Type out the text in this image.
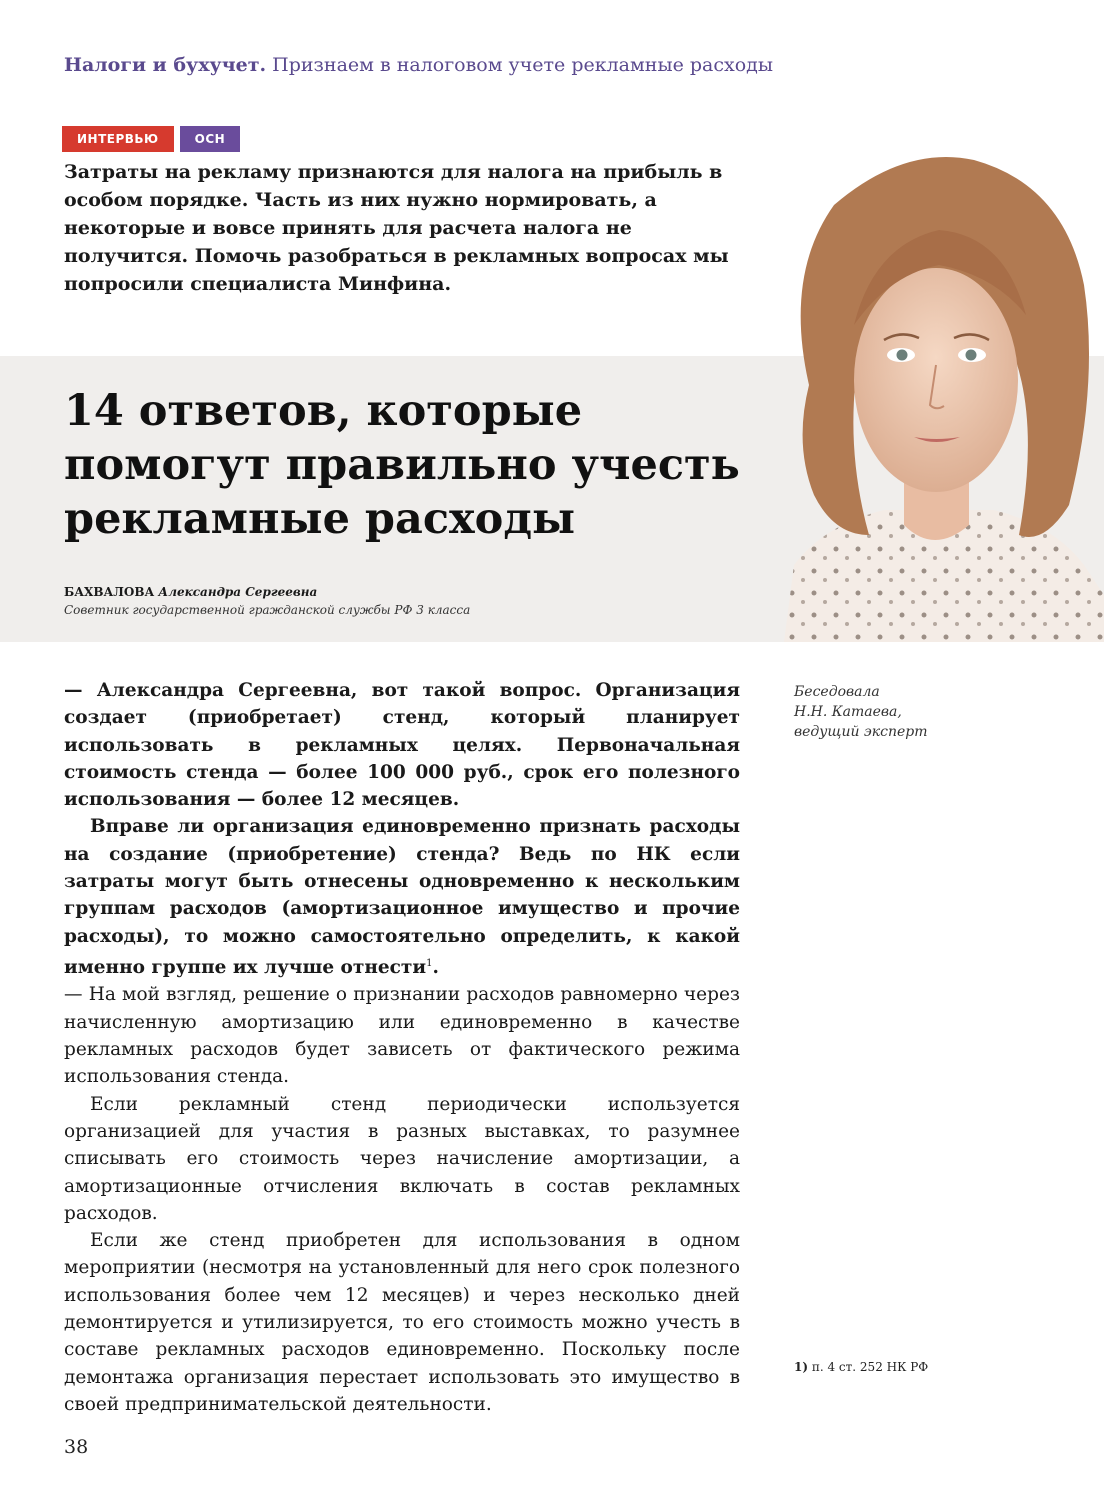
Налоги и бухучет. Признаем в налоговом учете рекламные расходы
ИНТЕРВЬЮ	ОСН

Затраты на рекламу признаются для налога на прибыль в особом порядке. Часть из них нужно нормировать, а некоторые и вовсе принять для расчета налога не получится. Помочь разобраться в рекламных вопросах мы попросили специалиста Минфина.

14 ответов, которые
помогут правильно учесть
рекламные расходы
БАХВАЛОВА Александра Сергеевна
Советник государственной гражданской службы РФ 3 класса

— Александра Сергеевна, вот такой вопрос. Организация создает (приобретает) стенд, который планирует использовать в рекламных целях. Первоначальная стоимость стенда — более 100 000 руб., срок его полезного использования — более 12 месяцев.

Вправе ли организация единовременно признать расходы на создание (приобретение) стенда? Ведь по НК если затраты могут быть отнесены одновременно к нескольким группам расходов (амортизационное имущество и прочие расходы), то можно самостоятельно определить, к какой именно группе их лучше отнести$^1$.

— На мой взгляд, решение о признании расходов равномерно через начисленную амортизацию или единовременно в качестве рекламных расходов будет зависеть от фактического режима использования стенда.

Если рекламный стенд периодически используется организацией для участия в разных выставках, то разумнее списывать его стоимость через начисление амортизации, а амортизационные отчисления включать в состав рекламных расходов.

Если же стенд приобретен для использования в одном мероприятии (несмотря на установленный для него срок полезного использования более чем 12 месяцев) и через несколько дней демонтируется и утилизируется, то его стоимость можно учесть в составе рекламных расходов единовременно. Поскольку после демонтажа организация перестает использовать это имущество в своей предпринимательской деятельности.

Беседовала
Н.Н. Катаева,
ведущий эксперт
1) п. 4 ст. 252 НК РФ
38
